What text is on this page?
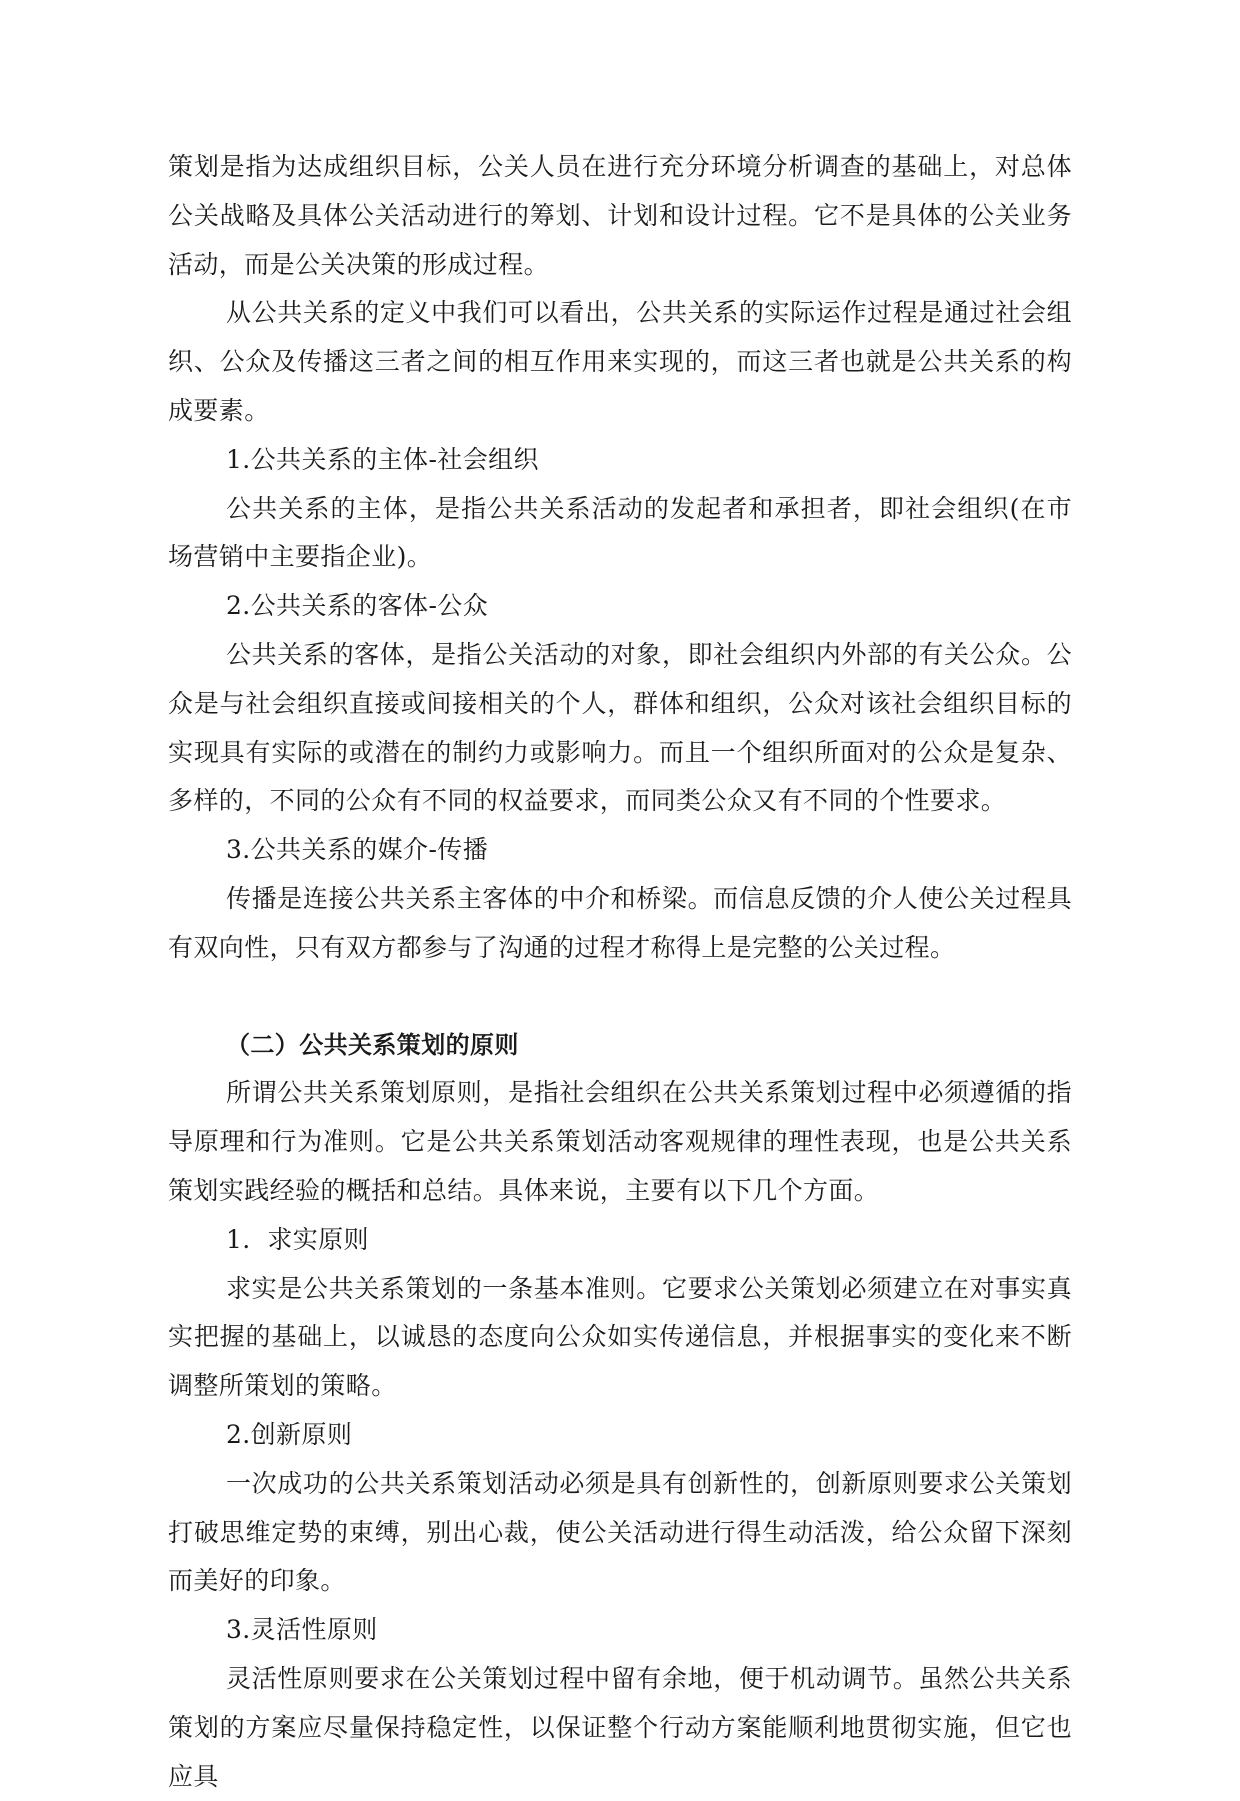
策划是指为达成组织目标，公关人员在进行充分环境分析调查的基础上，对总体公关战略及具体公关活动进行的筹划、计划和设计过程。它不是具体的公关业务活动，而是公关决策的形成过程。

从公共关系的定义中我们可以看出，公共关系的实际运作过程是通过社会组织、公众及传播这三者之间的相互作用来实现的，而这三者也就是公共关系的构成要素。

1.公共关系的主体-社会组织

公共关系的主体，是指公共关系活动的发起者和承担者，即社会组织(在市场营销中主要指企业)。

2.公共关系的客体-公众

公共关系的客体，是指公关活动的对象，即社会组织内外部的有关公众。公众是与社会组织直接或间接相关的个人，群体和组织，公众对该社会组织目标的实现具有实际的或潜在的制约力或影响力。而且一个组织所面对的公众是复杂、多样的，不同的公众有不同的权益要求，而同类公众又有不同的个性要求。

3.公共关系的媒介-传播

传播是连接公共关系主客体的中介和桥梁。而信息反馈的介人使公关过程具有双向性，只有双方都参与了沟通的过程才称得上是完整的公关过程。

（二）公共关系策划的原则

所谓公共关系策划原则，是指社会组织在公共关系策划过程中必须遵循的指导原理和行为准则。它是公共关系策划活动客观规律的理性表现，也是公共关系策划实践经验的概括和总结。具体来说，主要有以下几个方面。

1.  求实原则

求实是公共关系策划的一条基本准则。它要求公关策划必须建立在对事实真实把握的基础上，以诚恳的态度向公众如实传递信息，并根据事实的变化来不断调整所策划的策略。

2.创新原则

一次成功的公共关系策划活动必须是具有创新性的，创新原则要求公关策划打破思维定势的束缚，别出心裁，使公关活动进行得生动活泼，给公众留下深刻而美好的印象。

3.灵活性原则

灵活性原则要求在公关策划过程中留有余地，便于机动调节。虽然公共关系策划的方案应尽量保持稳定性，以保证整个行动方案能顺利地贯彻实施，但它也应具
